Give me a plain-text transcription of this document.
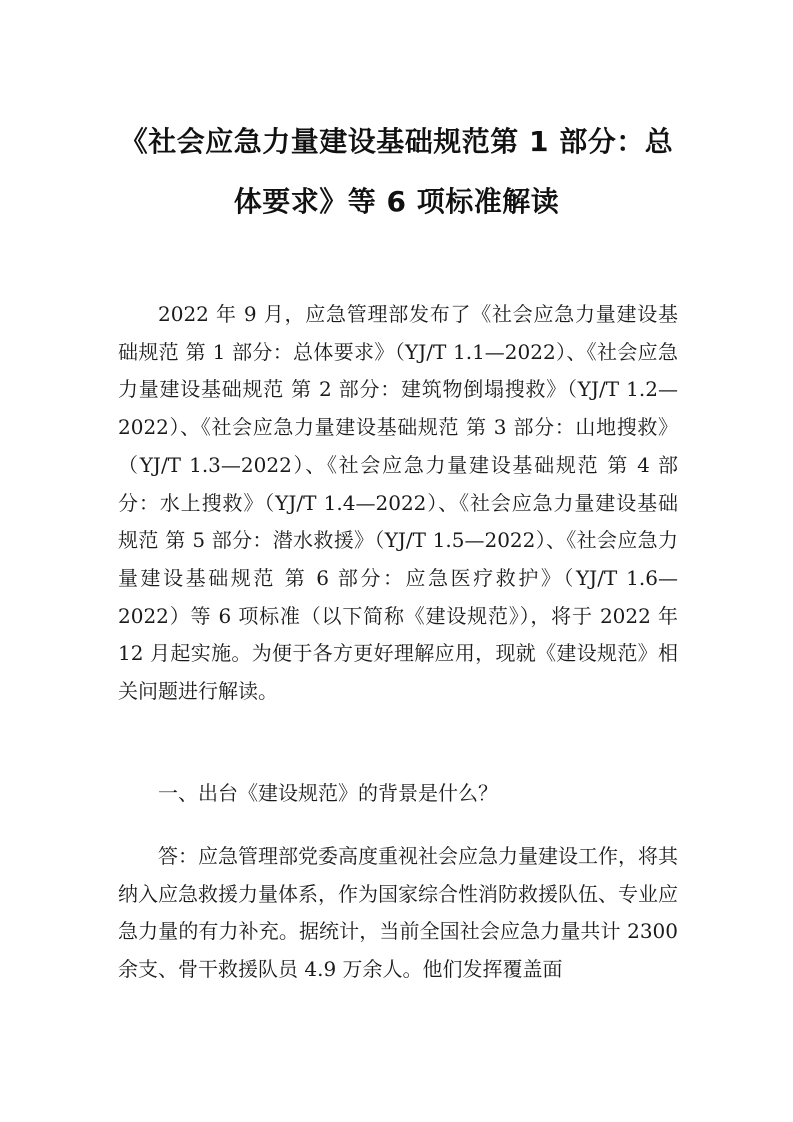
《社会应急力量建设基础规范第 1 部分：总
体要求》等 6 项标准解读

2022 年 9 月，应急管理部发布了《社会应急力量建设基础规范 第 1 部分：总体要求》（YJ/T 1.1—2022）、《社会应急力量建设基础规范 第 2 部分：建筑物倒塌搜救》（YJ/T 1.2—2022）、《社会应急力量建设基础规范 第 3 部分：山地搜救》（YJ/T 1.3—2022）、《社会应急力量建设基础规范 第 4 部分：水上搜救》（YJ/T 1.4—2022）、《社会应急力量建设基础规范 第 5 部分：潜水救援》（YJ/T 1.5—2022）、《社会应急力量建设基础规范 第 6 部分：应急医疗救护》（YJ/T 1.6—2022）等 6 项标准（以下简称《建设规范》），将于 2022 年 12 月起实施。为便于各方更好理解应用，现就《建设规范》相关问题进行解读。

一、出台《建设规范》的背景是什么？

答：应急管理部党委高度重视社会应急力量建设工作，将其纳入应急救援力量体系，作为国家综合性消防救援队伍、专业应急力量的有力补充。据统计，当前全国社会应急力量共计 2300 余支、骨干救援队员 4.9 万余人。他们发挥覆盖面
